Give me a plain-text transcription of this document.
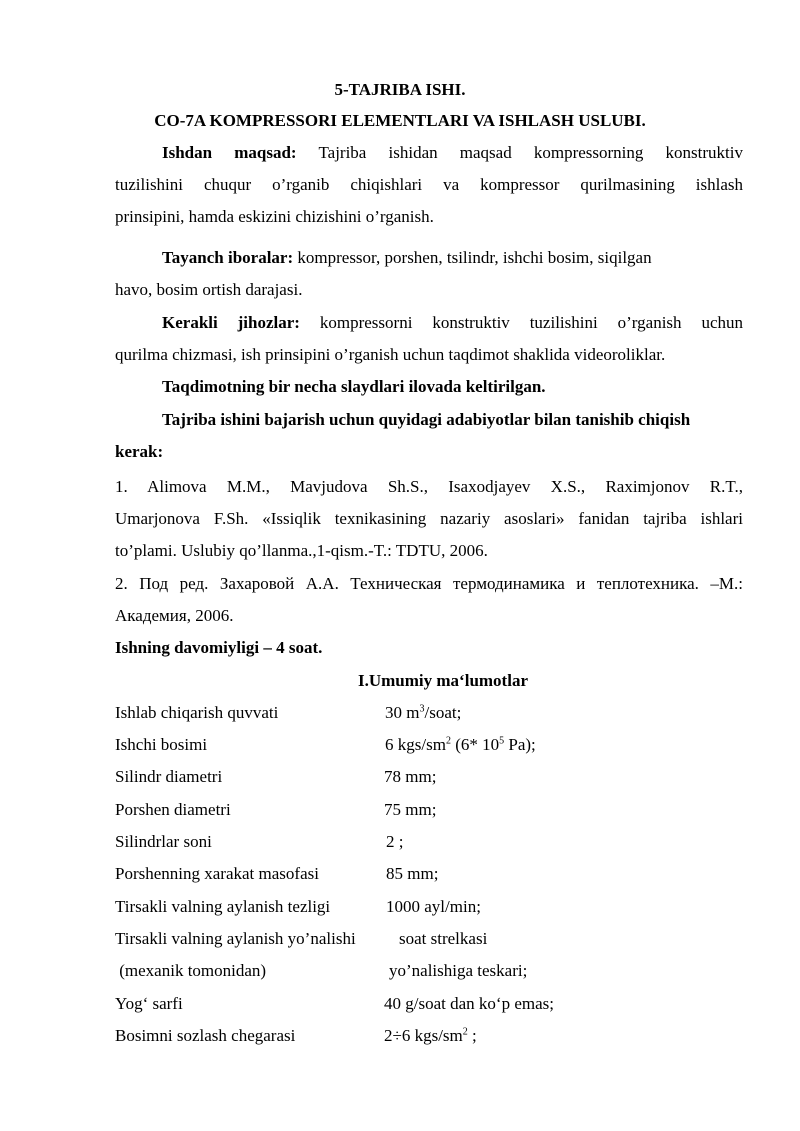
5-TAJRIBA ISHI.
CO-7A KOMPRESSORI ELEMENTLARI VA ISHLASH USLUBI.
Ishdan maqsad: Tajriba ishidan maqsad kompressorning konstruktiv
tuzilishini chuqur o’rganib chiqishlari va kompressor qurilmasining ishlash
prinsipini, hamda eskizini chizishini o’rganish.
Tayanch iboralar: kompressor, porshen, tsilindr, ishchi bosim, siqilgan
havo, bosim ortish darajasi.
Kerakli jihozlar: kompressorni konstruktiv tuzilishini o’rganish uchun
qurilma chizmasi, ish prinsipini o’rganish uchun taqdimot shaklida videoroliklar.
Taqdimotning bir necha slaydlari ilovada keltirilgan.
Tajriba ishini bajarish uchun quyidagi adabiyotlar bilan tanishib chiqish
kerak:
1. Alimova M.M., Mavjudova Sh.S., Isaxodjayev X.S., Raximjonov R.T.,
Umarjonova F.Sh. «Issiqlik texnikasining nazariy asoslari» fanidan tajriba ishlari
to’plami. Uslubiy qo’llanma.,1-qism.-T.: TDTU, 2006.
2. Под ред. Захаровой А.А. Техническая термодинамика и теплотехника. –М.:
Академия, 2006.
Ishning davomiyligi – 4 soat.
I.Umumiy ma‘lumotlar
Ishlab chiqarish quvvati	30 $m^3$/soat;
Ishchi bosimi	6 kgs/$sm^2$ (6* $10^5$ Pa);
Silindr diametri	78 mm;
Porshen diametri	75 mm;
Silindrlar soni	2 ;
Porshenning xarakat masofasi	85 mm;
Tirsakli valning aylanish tezligi	1000 ayl/min;
Tirsakli valning aylanish yo’nalishi	soat strelkasi
(mexanik tomonidan)	yo’nalishiga teskari;
Yog‘ sarfi	40 g/soat dan ko‘p emas;
Bosimni sozlash chegarasi	2÷6 kgs/$sm^2$ ;
